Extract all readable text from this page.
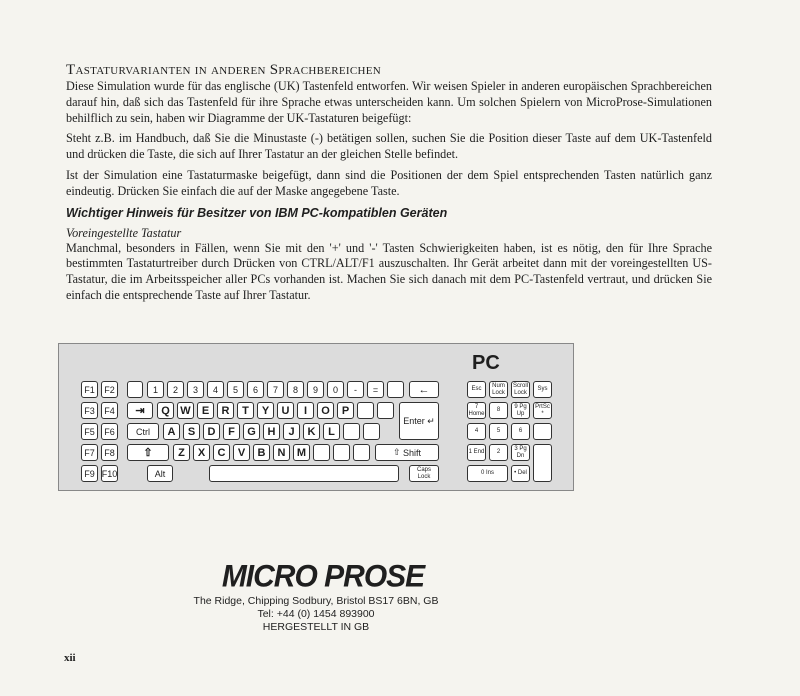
Tastaturvarianten in anderen Sprachbereichen

Diese Simulation wurde für das englische (UK) Tastenfeld entworfen. Wir weisen Spieler in anderen europäischen Sprachbereichen darauf hin, daß sich das Tastenfeld für ihre Sprache etwas unterscheiden kann. Um solchen Spielern von MicroProse-Simulationen behilflich zu sein, haben wir Diagramme der UK-Tastaturen beigefügt:

Steht z.B. im Handbuch, daß Sie die Minustaste (-) betätigen sollen, suchen Sie die Position dieser Taste auf dem UK-Tastenfeld und drücken die Taste, die sich auf Ihrer Tastatur an der gleichen Stelle befindet.

Ist der Simulation eine Tastaturmaske beigefügt, dann sind die Positionen der dem Spiel entsprechenden Tasten natürlich ganz eindeutig. Drücken Sie einfach die auf der Maske angegebene Taste.

Wichtiger Hinweis für Besitzer von IBM PC-kompatiblen Geräten
Voreingestellte Tastatur

Manchmal, besonders in Fällen, wenn Sie mit den '+' und '-' Tasten Schwierigkeiten haben, ist es nötig, den für Ihre Sprache bestimmten Tastaturtreiber durch Drücken von CTRL/ALT/F1 auszuschalten. Ihr Gerät arbeitet dann mit der voreingestellten US-Tastatur, die im Arbeitsspeicher aller PCs vorhanden ist. Machen Sie sich danach mit dem PC-Tastenfeld vertraut, und drücken Sie einfach die entsprechende Taste auf Ihrer Tastatur.

PC
F1	F2
F3	F4
F5	F6
F7	F8
F9 F10
1	2	3	4	5	6	7	8	9	0	-	=	←
⇥	Q W	E	R	T	Y	U	I	O	P
Ctrl	A	S	D	F	G	H	J	K	L
Enter
↵
⇧	Z	X	C	V	B	N	M	⇧
Shift
Alt	Caps Lock
Esc
Num Lock
Scroll Lock
Sys
7 Home
8
9 Pg Up
PrtSc *
4	5	6
1 End	2
3 Pg Dn
0 Ins	• Del
MICRO PROSE
The Ridge, Chipping Sodbury, Bristol BS17 6BN, GB
Tel: +44 (0) 1454 893900
HERGESTELLT IN GB
xii
